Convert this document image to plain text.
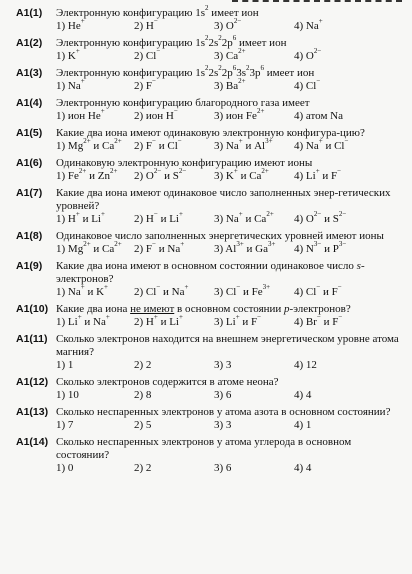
A1(1) Электронную конфигурацию $1s^2$ имеет ион
1) He+	2) H−	3) $O^{2-}$	4) Na+
A1(2) Электронную конфигурацию $1s^22s^22p^6$ имеет ион
1) K+	2) Cl−	3) $Ca^{2+}$	4) $O^{2-}$
A1(3) Электронную конфигурацию $1s^22s^22p^63s^23p^6$ имеет ион
1) Na+	2) F−	3) $Ba^{2+}$	4) Cl−
A1(4) Электронную конфигурацию благородного газа имеет
1) ион He+	2) ион H−	3) ион $Fe^{2+}$	4) атом Na
A1(5) Какие два иона имеют одинаковую электронную конфигура-цию?
1) $Mg^{2+}$ и $Ca^{2+}$	2) F− и Cl−	3) Na+ и $Al^{3+}$	4) Na+ и Cl−
A1(6) Одинаковую электронную конфигурацию имеют ионы
1) $Fe^{2+}$ и $Zn^{2+}$	2) $O^{2-}$ и $S^{2-}$	3) K+ и $Ca^{2+}$	4) Li+ и F−
A1(7) Какие два иона имеют одинаковое число заполненных энер-гетических уровней?
1) H+ и Li+	2) H− и Li+	3) Na+ и $Ca^{2+}$	4) $O^{2-}$ и $S^{2-}$
A1(8) Одинаковое число заполненных энергетических уровней имеют ионы
1) $Mg^{2+}$ и $Ca^{2+}$	2) F− и Na+	3) $Al^{3+}$ и $Ga^{3+}$	4) $N^{3-}$ и $P^{3-}$
A1(9) Какие два иона имеют в основном состоянии одинаковое число s-электронов?
1) Na+ и K+	2) Cl− и Na+	3) Cl− и $Fe^{3+}$	4) Cl− и F−
A1(10) Какие два иона не имеют в основном состоянии p-электронов?
1) Li+ и Na+	2) H+ и Li+	3) Li+ и F−	4) Br− и F−
A1(11) Сколько электронов находится на внешнем энергетическом уровне атома магния?
1) 1	2) 2	3) 3	4) 12
A1(12) Сколько электронов содержится в атоме неона?
1) 10	2) 8	3) 6	4) 4
A1(13) Сколько неспаренных электронов у атома азота в основном состоянии?
1) 7	2) 5	3) 3	4) 1
A1(14) Сколько неспаренных электронов у атома углерода в основном состоянии?
1) 0	2) 2	3) 6	4) 4
